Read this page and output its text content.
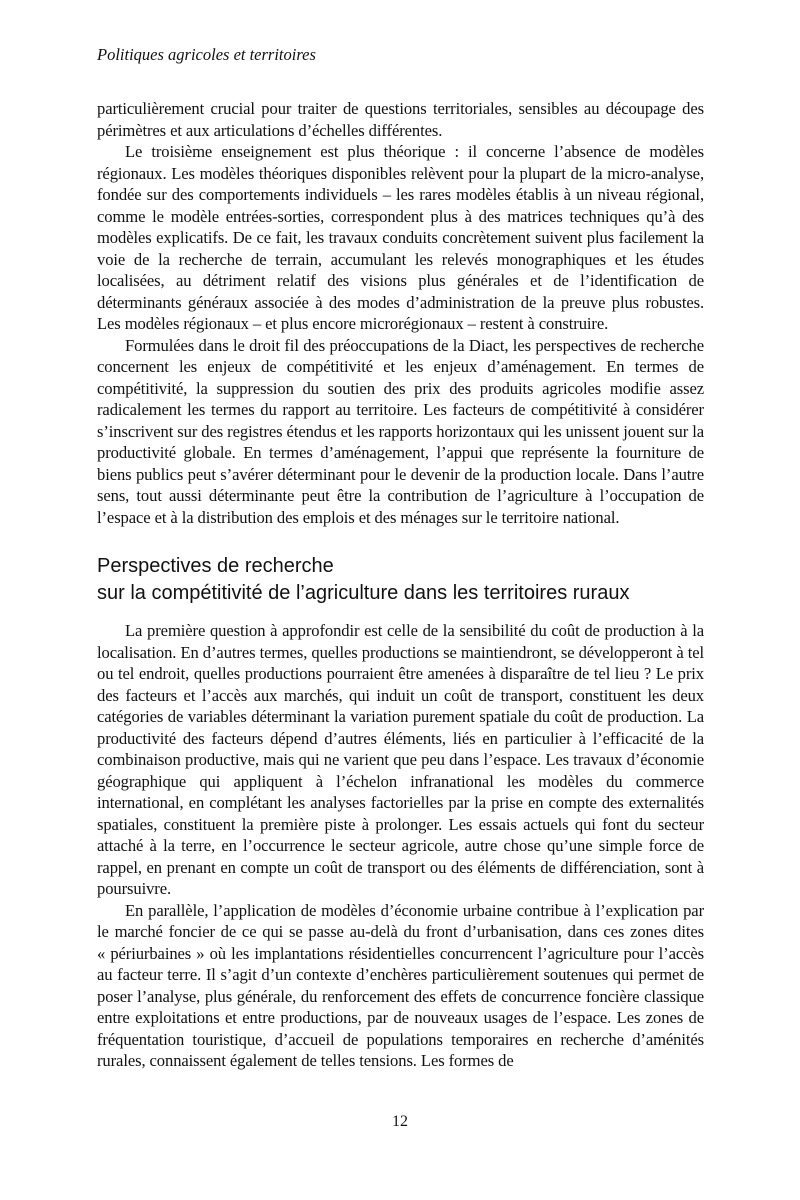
Politiques agricoles et territoires

particulièrement crucial pour traiter de questions territoriales, sensibles au découpage des périmètres et aux articulations d’échelles différentes.

Le troisième enseignement est plus théorique : il concerne l’absence de modèles régionaux. Les modèles théoriques disponibles relèvent pour la plupart de la micro-analyse, fondée sur des comportements individuels – les rares modèles établis à un niveau régional, comme le modèle entrées-sorties, correspondent plus à des matrices techniques qu’à des modèles explicatifs. De ce fait, les travaux conduits concrètement suivent plus facilement la voie de la recherche de terrain, accumulant les relevés monographiques et les études localisées, au détriment relatif des visions plus générales et de l’identification de déterminants généraux associée à des modes d’administration de la preuve plus robustes. Les modèles régionaux – et plus encore microrégionaux – restent à construire.

Formulées dans le droit fil des préoccupations de la Diact, les perspectives de recherche concernent les enjeux de compétitivité et les enjeux d’aménagement. En termes de compétitivité, la suppression du soutien des prix des produits agricoles modifie assez radicalement les termes du rapport au territoire. Les facteurs de compétitivité à considérer s’inscrivent sur des registres étendus et les rapports horizontaux qui les unissent jouent sur la productivité globale. En termes d’aménagement, l’appui que représente la fourniture de biens publics peut s’avérer déterminant pour le devenir de la production locale. Dans l’autre sens, tout aussi déterminante peut être la contribution de l’agriculture à l’occupation de l’espace et à la distribution des emplois et des ménages sur le territoire national.

Perspectives de recherche
sur la compétitivité de l’agriculture dans les territoires ruraux

La première question à approfondir est celle de la sensibilité du coût de production à la localisation. En d’autres termes, quelles productions se maintiendront, se développeront à tel ou tel endroit, quelles productions pourraient être amenées à disparaître de tel lieu ? Le prix des facteurs et l’accès aux marchés, qui induit un coût de transport, constituent les deux catégories de variables déterminant la variation purement spatiale du coût de production. La productivité des facteurs dépend d’autres éléments, liés en particulier à l’efficacité de la combinaison productive, mais qui ne varient que peu dans l’espace. Les travaux d’économie géographique qui appliquent à l’échelon infranational les modèles du commerce international, en complétant les analyses factorielles par la prise en compte des externalités spatiales, constituent la première piste à prolonger. Les essais actuels qui font du secteur attaché à la terre, en l’occurrence le secteur agricole, autre chose qu’une simple force de rappel, en prenant en compte un coût de transport ou des éléments de différenciation, sont à poursuivre.

En parallèle, l’application de modèles d’économie urbaine contribue à l’explication par le marché foncier de ce qui se passe au-delà du front d’urbanisation, dans ces zones dites « périurbaines » où les implantations résidentielles concurrencent l’agriculture pour l’accès au facteur terre. Il s’agit d’un contexte d’enchères particulièrement soutenues qui permet de poser l’analyse, plus générale, du renforcement des effets de concurrence foncière classique entre exploitations et entre productions, par de nouveaux usages de l’espace. Les zones de fréquentation touristique, d’accueil de populations temporaires en recherche d’aménités rurales, connaissent également de telles tensions. Les formes de

12
